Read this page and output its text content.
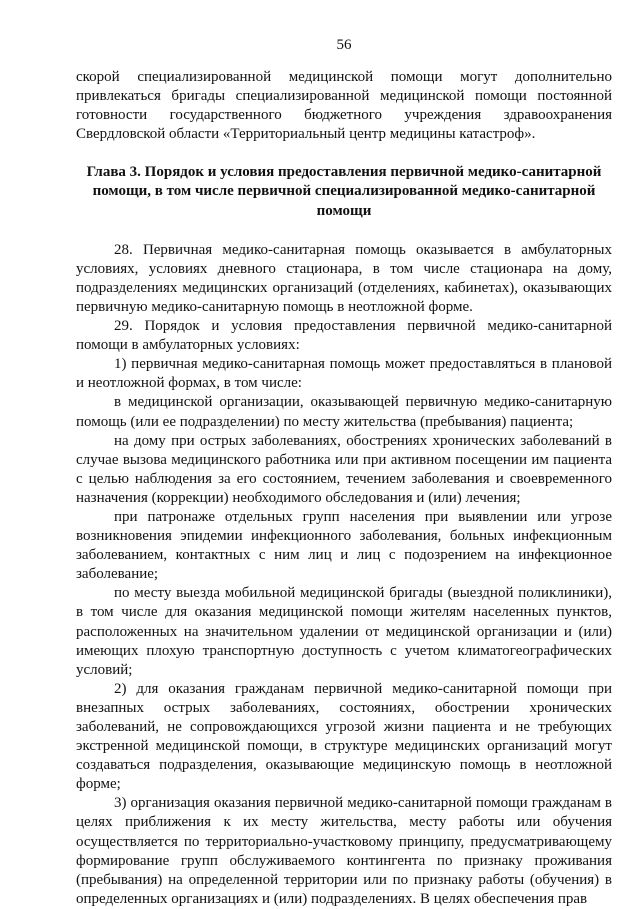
56

скорой специализированной медицинской помощи могут дополнительно привлекаться бригады специализированной медицинской помощи постоянной готовности государственного бюджетного учреждения здравоохранения Свердловской области «Территориальный центр медицины катастроф».

Глава 3. Порядок и условия предоставления первичной медико-санитарной помощи, в том числе первичной специализированной медико-санитарной помощи

28. Первичная медико-санитарная помощь оказывается в амбулаторных условиях, условиях дневного стационара, в том числе стационара на дому, подразделениях медицинских организаций (отделениях, кабинетах), оказывающих первичную медико-санитарную помощь в неотложной форме.

29. Порядок и условия предоставления первичной медико-санитарной помощи в амбулаторных условиях:

1) первичная медико-санитарная помощь может предоставляться в плановой и неотложной формах, в том числе:

в медицинской организации, оказывающей первичную медико-санитарную помощь (или ее подразделении) по месту жительства (пребывания) пациента;

на дому при острых заболеваниях, обострениях хронических заболеваний в случае вызова медицинского работника или при активном посещении им пациента с целью наблюдения за его состоянием, течением заболевания и своевременного назначения (коррекции) необходимого обследования и (или) лечения;

при патронаже отдельных групп населения при выявлении или угрозе возникновения эпидемии инфекционного заболевания, больных инфекционным заболеванием, контактных с ним лиц и лиц с подозрением на инфекционное заболевание;

по месту выезда мобильной медицинской бригады (выездной поликлиники), в том числе для оказания медицинской помощи жителям населенных пунктов, расположенных на значительном удалении от медицинской организации и (или) имеющих плохую транспортную доступность с учетом климатогеографических условий;

2) для оказания гражданам первичной медико-санитарной помощи при внезапных острых заболеваниях, состояниях, обострении хронических заболеваний, не сопровождающихся угрозой жизни пациента и не требующих экстренной медицинской помощи, в структуре медицинских организаций могут создаваться подразделения, оказывающие медицинскую помощь в неотложной форме;

3) организация оказания первичной медико-санитарной помощи гражданам в целях приближения к их месту жительства, месту работы или обучения осуществляется по территориально-участковому принципу, предусматривающему формирование групп обслуживаемого контингента по признаку проживания (пребывания) на определенной территории или по признаку работы (обучения) в определенных организациях и (или) подразделениях. В целях обеспечения прав
